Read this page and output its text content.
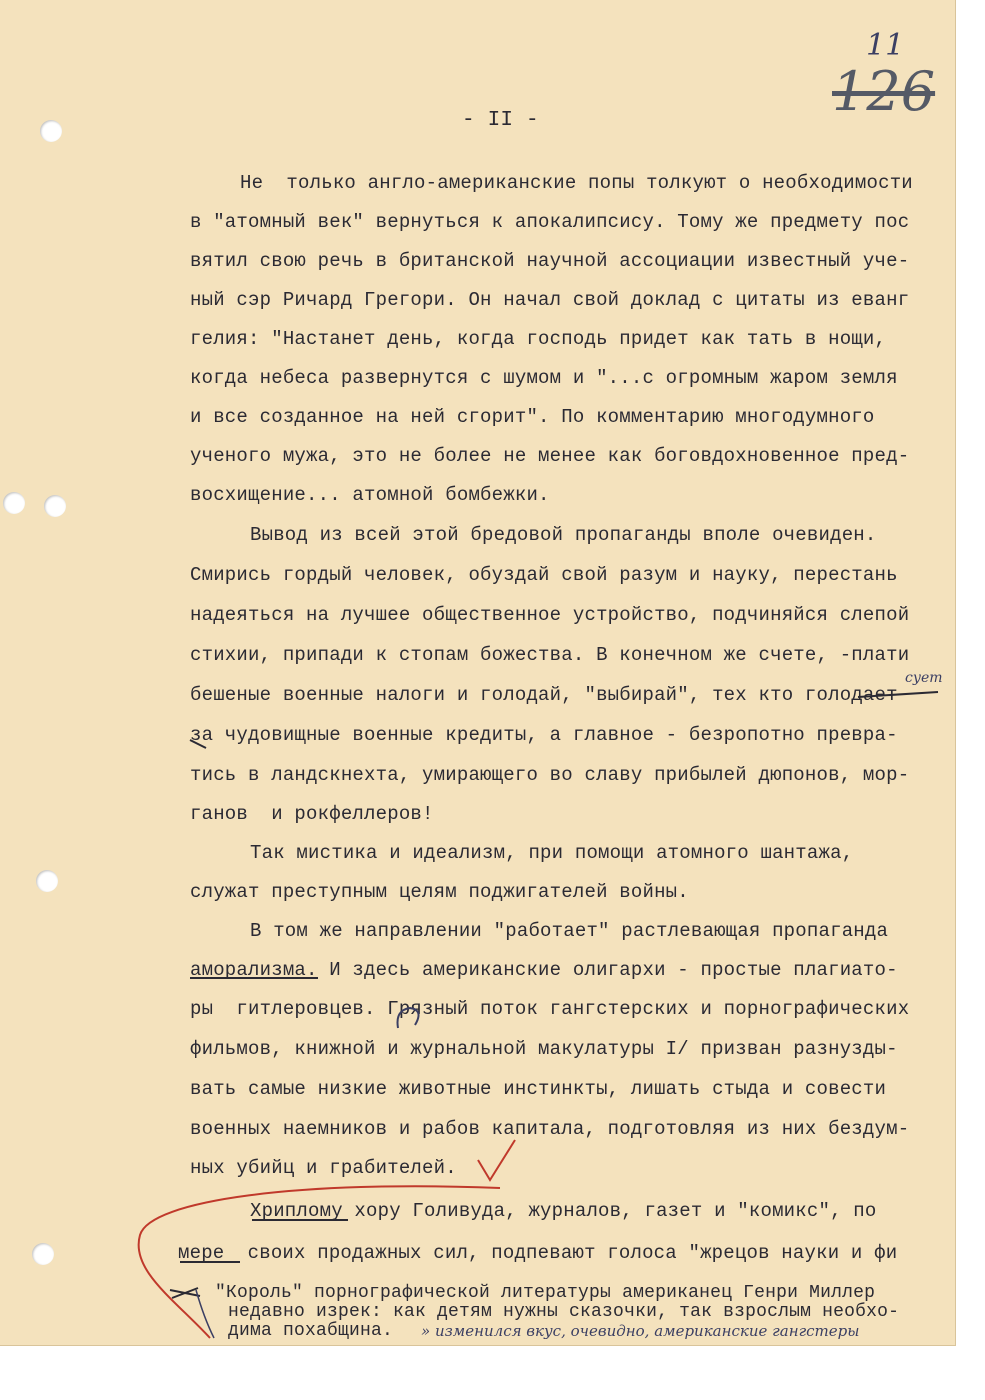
11
126
- II -
Не  только англо-американские попы толкуют о необходимости
в "атомный век" вернуться к апокалипсису. Тому же предмету пос
вятил свою речь в британской научной ассоциации известный уче-
ный сэр Ричард Грегори. Он начал свой доклад с цитаты из еванг
гелия: "Настанет день, когда господь придет как тать в нощи,
когда небеса развернутся с шумом и "...с огромным жаром земля
и все созданное на ней сгорит". По комментарию многодумного
ученого мужа, это не более не менее как боговдохновенное пред-
восхищение... атомной бомбежки.
Вывод из всей этой бредовой пропаганды вполе очевиден.
Смирись гордый человек, обуздай свой разум и науку, перестань
надеяться на лучшее общественное устройство, подчиняйся слепой
стихии, припади к стопам божества. В конечном же счете, -плати
бешеные военные налоги и голодай, "выбирай", тех кто голодает
за чудовищные военные кредиты, а главное - безропотно превра-
тись в ландскнехта, умирающего во славу прибылей дюпонов, мор-
ганов  и рокфеллеров!
Так мистика и идеализм, при помощи атомного шантажа,
служат преступным целям поджигателей войны.
В том же направлении "работает" растлевающая пропаганда
аморализма. И здесь американские олигархи - простые плагиато-
ры  гитлеровцев. Грязный поток гангстерских и порнографических
фильмов, книжной и журнальной макулатуры I/ призван разнузды-
вать самые низкие животные инстинкты, лишать стыда и совести
военных наемников и рабов капитала, подготовляя из них бездум-
ных убийц и грабителей.
Хриплому хору Голивуда, журналов, газет и "комикс", по
мере  своих продажных сил, подпевают голоса "жрецов науки и фи
сует
"Король" порнографической литературы американец Генри Миллер
недавно изрек: как детям нужны сказочки, так взрослым необхо-
дима похабщина. » изменился вкус, очевидно, американские гангстеры
